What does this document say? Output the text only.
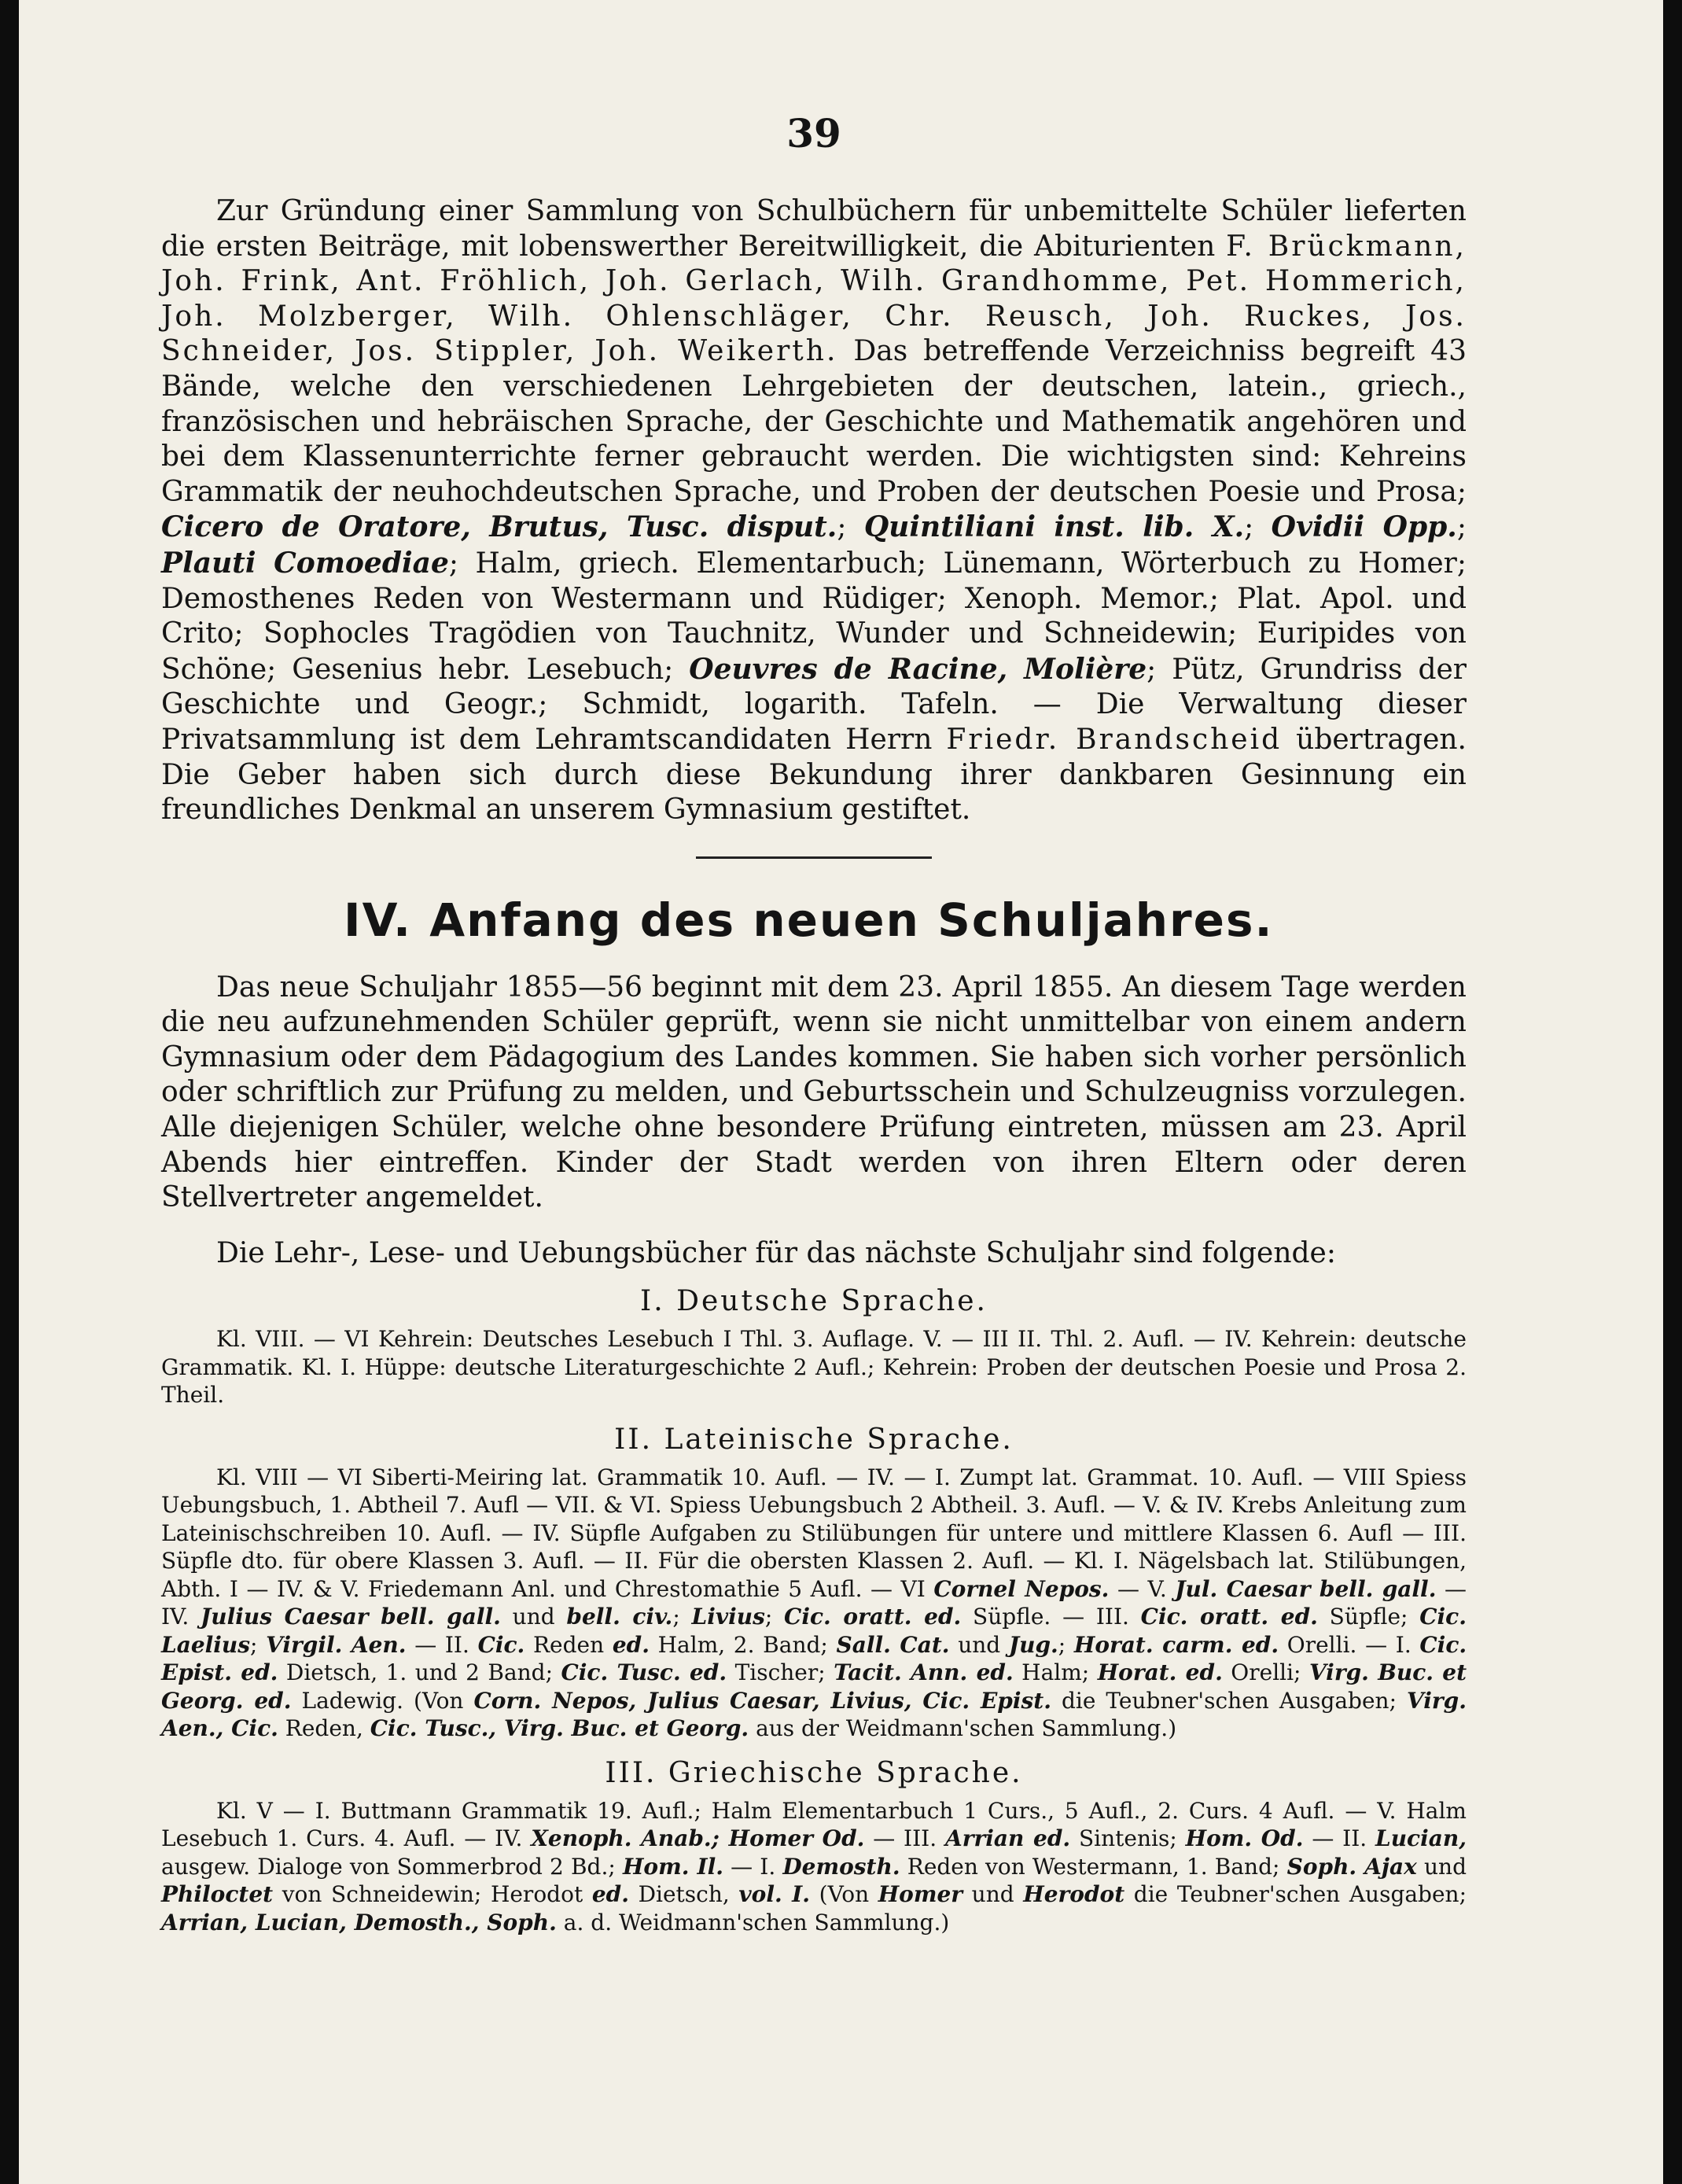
39

Zur Gründung einer Sammlung von Schulbüchern für unbemittelte Schüler lieferten die ersten Beiträge, mit lobenswerther Bereitwilligkeit, die Abiturienten F. Brückmann, Joh. Frink, Ant. Fröhlich, Joh. Gerlach, Wilh. Grandhomme, Pet. Hommerich, Joh. Molzberger, Wilh. Ohlenschläger, Chr. Reusch, Joh. Ruckes, Jos. Schneider, Jos. Stippler, Joh. Weikerth. Das betreffende Verzeichniss begreift 43 Bände, welche den verschiedenen Lehrgebieten der deutschen, latein., griech., französischen und hebräischen Sprache, der Geschichte und Mathematik angehören und bei dem Klassenunterrichte ferner gebraucht werden. Die wichtigsten sind: Kehreins Grammatik der neuhochdeutschen Sprache, und Proben der deutschen Poesie und Prosa; Cicero de Oratore, Brutus, Tusc. disput.; Quintiliani inst. lib. X.; Ovidii Opp.; Plauti Comoediae; Halm, griech. Elementarbuch; Lünemann, Wörterbuch zu Homer; Demosthenes Reden von Westermann und Rüdiger; Xenoph. Memor.; Plat. Apol. und Crito; Sophocles Tragödien von Tauchnitz, Wunder und Schneidewin; Euripides von Schöne; Gesenius hebr. Lesebuch; Oeuvres de Racine, Molière; Pütz, Grundriss der Geschichte und Geogr.; Schmidt, logarith. Tafeln. — Die Verwaltung dieser Privatsammlung ist dem Lehramtscandidaten Herrn Friedr. Brandscheid übertragen. Die Geber haben sich durch diese Bekundung ihrer dankbaren Gesinnung ein freundliches Denkmal an unserem Gymnasium gestiftet.

IV. Anfang des neuen Schuljahres.

Das neue Schuljahr 1855—56 beginnt mit dem 23. April 1855. An diesem Tage werden die neu aufzunehmenden Schüler geprüft, wenn sie nicht unmittelbar von einem andern Gymnasium oder dem Pädagogium des Landes kommen. Sie haben sich vorher persönlich oder schriftlich zur Prüfung zu melden, und Geburtsschein und Schulzeugniss vorzulegen. Alle diejenigen Schüler, welche ohne besondere Prüfung eintreten, müssen am 23. April Abends hier eintreffen. Kinder der Stadt werden von ihren Eltern oder deren Stellvertreter angemeldet.

Die Lehr-, Lese- und Uebungsbücher für das nächste Schuljahr sind folgende:

I. Deutsche Sprache.

Kl. VIII. — VI Kehrein: Deutsches Lesebuch I Thl. 3. Auflage. V. — III II. Thl. 2. Aufl. — IV. Kehrein: deutsche Grammatik. Kl. I. Hüppe: deutsche Literaturgeschichte 2 Aufl.; Kehrein: Proben der deutschen Poesie und Prosa 2. Theil.

II. Lateinische Sprache.

Kl. VIII — VI Siberti-Meiring lat. Grammatik 10. Aufl. — IV. — I. Zumpt lat. Grammat. 10. Aufl. — VIII Spiess Uebungsbuch, 1. Abtheil 7. Aufl — VII. & VI. Spiess Uebungsbuch 2 Abtheil. 3. Aufl. — V. & IV. Krebs Anleitung zum Lateinischschreiben 10. Aufl. — IV. Süpfle Aufgaben zu Stilübungen für untere und mittlere Klassen 6. Aufl — III. Süpfle dto. für obere Klassen 3. Aufl. — II. Für die obersten Klassen 2. Aufl. — Kl. I. Nägelsbach lat. Stilübungen, Abth. I — IV. & V. Friedemann Anl. und Chrestomathie 5 Aufl. — VI Cornel Nepos. — V. Jul. Caesar bell. gall. — IV. Julius Caesar bell. gall. und bell. civ.; Livius; Cic. oratt. ed. Süpfle. — III. Cic. oratt. ed. Süpfle; Cic. Laelius; Virgil. Aen. — II. Cic. Reden ed. Halm, 2. Band; Sall. Cat. und Jug.; Horat. carm. ed. Orelli. — I. Cic. Epist. ed. Dietsch, 1. und 2 Band; Cic. Tusc. ed. Tischer; Tacit. Ann. ed. Halm; Horat. ed. Orelli; Virg. Buc. et Georg. ed. Ladewig. (Von Corn. Nepos, Julius Caesar, Livius, Cic. Epist. die Teubner'schen Ausgaben; Virg. Aen., Cic. Reden, Cic. Tusc., Virg. Buc. et Georg. aus der Weidmann'schen Sammlung.)

III. Griechische Sprache.

Kl. V — I. Buttmann Grammatik 19. Aufl.; Halm Elementarbuch 1 Curs., 5 Aufl., 2. Curs. 4 Aufl. — V. Halm Lesebuch 1. Curs. 4. Aufl. — IV. Xenoph. Anab.; Homer Od. — III. Arrian ed. Sintenis; Hom. Od. — II. Lucian, ausgew. Dialoge von Sommerbrod 2 Bd.; Hom. Il. — I. Demosth. Reden von Westermann, 1. Band; Soph. Ajax und Philoctet von Schneidewin; Herodot ed. Dietsch, vol. I. (Von Homer und Herodot die Teubner'schen Ausgaben; Arrian, Lucian, Demosth., Soph. a. d. Weidmann'schen Sammlung.)
